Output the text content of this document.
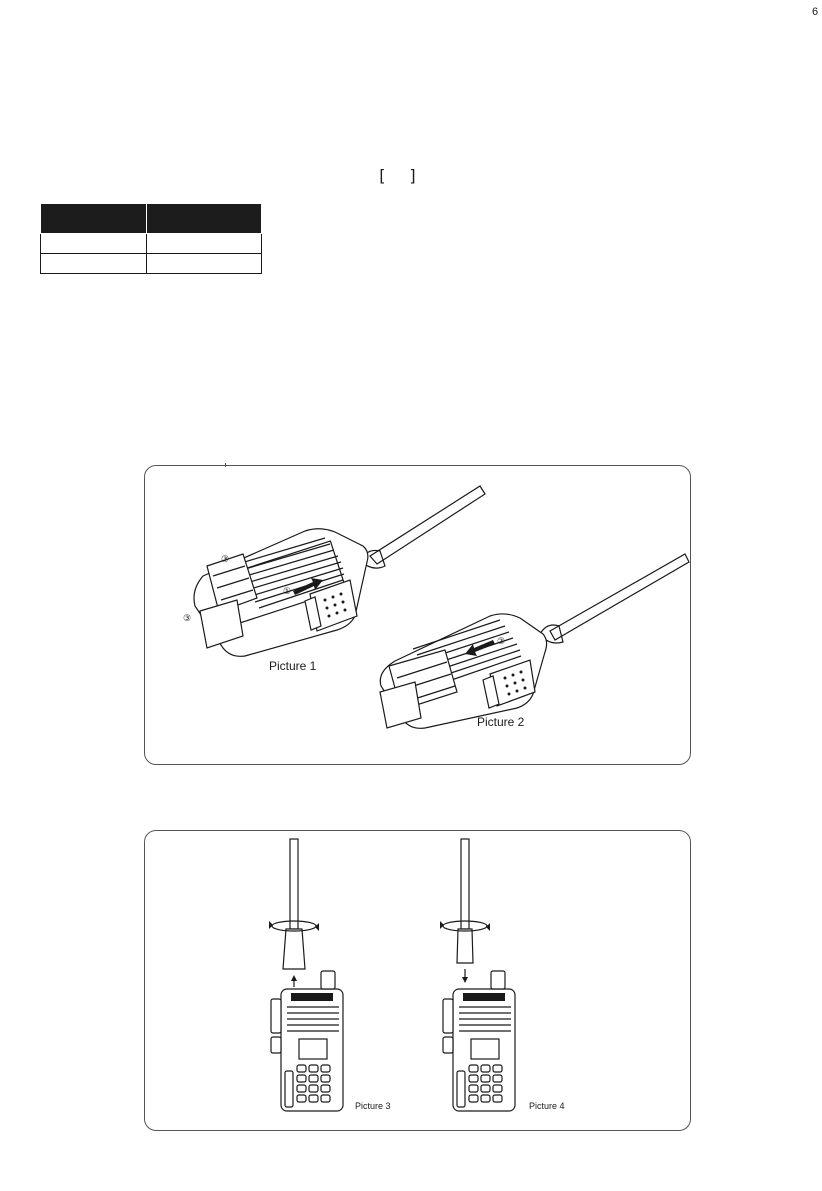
6
[ ]

③
①
③
Picture 1
②
Picture 2
Picture 3	Picture 4
